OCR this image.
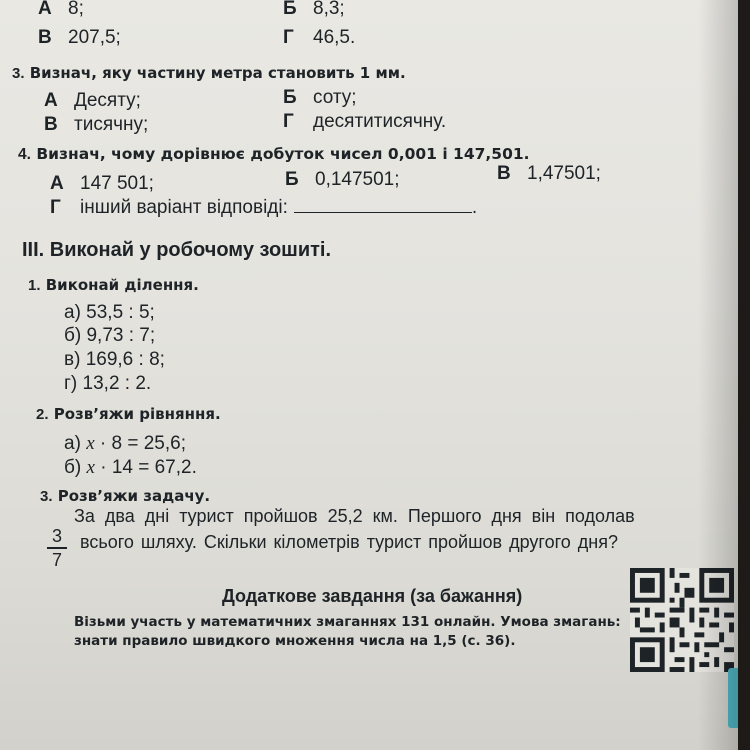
А 8;	Б 8,3;
В 207,5;	Г 46,5.
3. Визнач, яку частину метра становить 1 мм.
А Десяту;	Б соту;
В тисячну;	Г десятитисячну.
4. Визнач, чому дорівнює добуток чисел 0,001 і 147,501.
А 147 501;	Б 0,147501;	В 1,47501;
Г інший варіант відповіді:	.
III. Виконай у робочому зошиті.
1. Виконай ділення.
а) 53,5 : 5;
б) 9,73 : 7;
в) 169,6 : 8;
г) 13,2 : 2.
2. Розв’яжи рівняння.
а) x · 8 = 25,6;
б) x · 14 = 67,2.
3. Розв’яжи задачу.
За два дні турист пройшов 25,2 км. Першого дня він подолав
3
7
всього шляху. Скільки кілометрів турист пройшов другого дня?
Додаткове завдання (за бажання)
Візьми участь у математичних змаганнях 131 онлайн. Умова змагань:
знати правило швидкого множення числа на 1,5 (с. 36).
